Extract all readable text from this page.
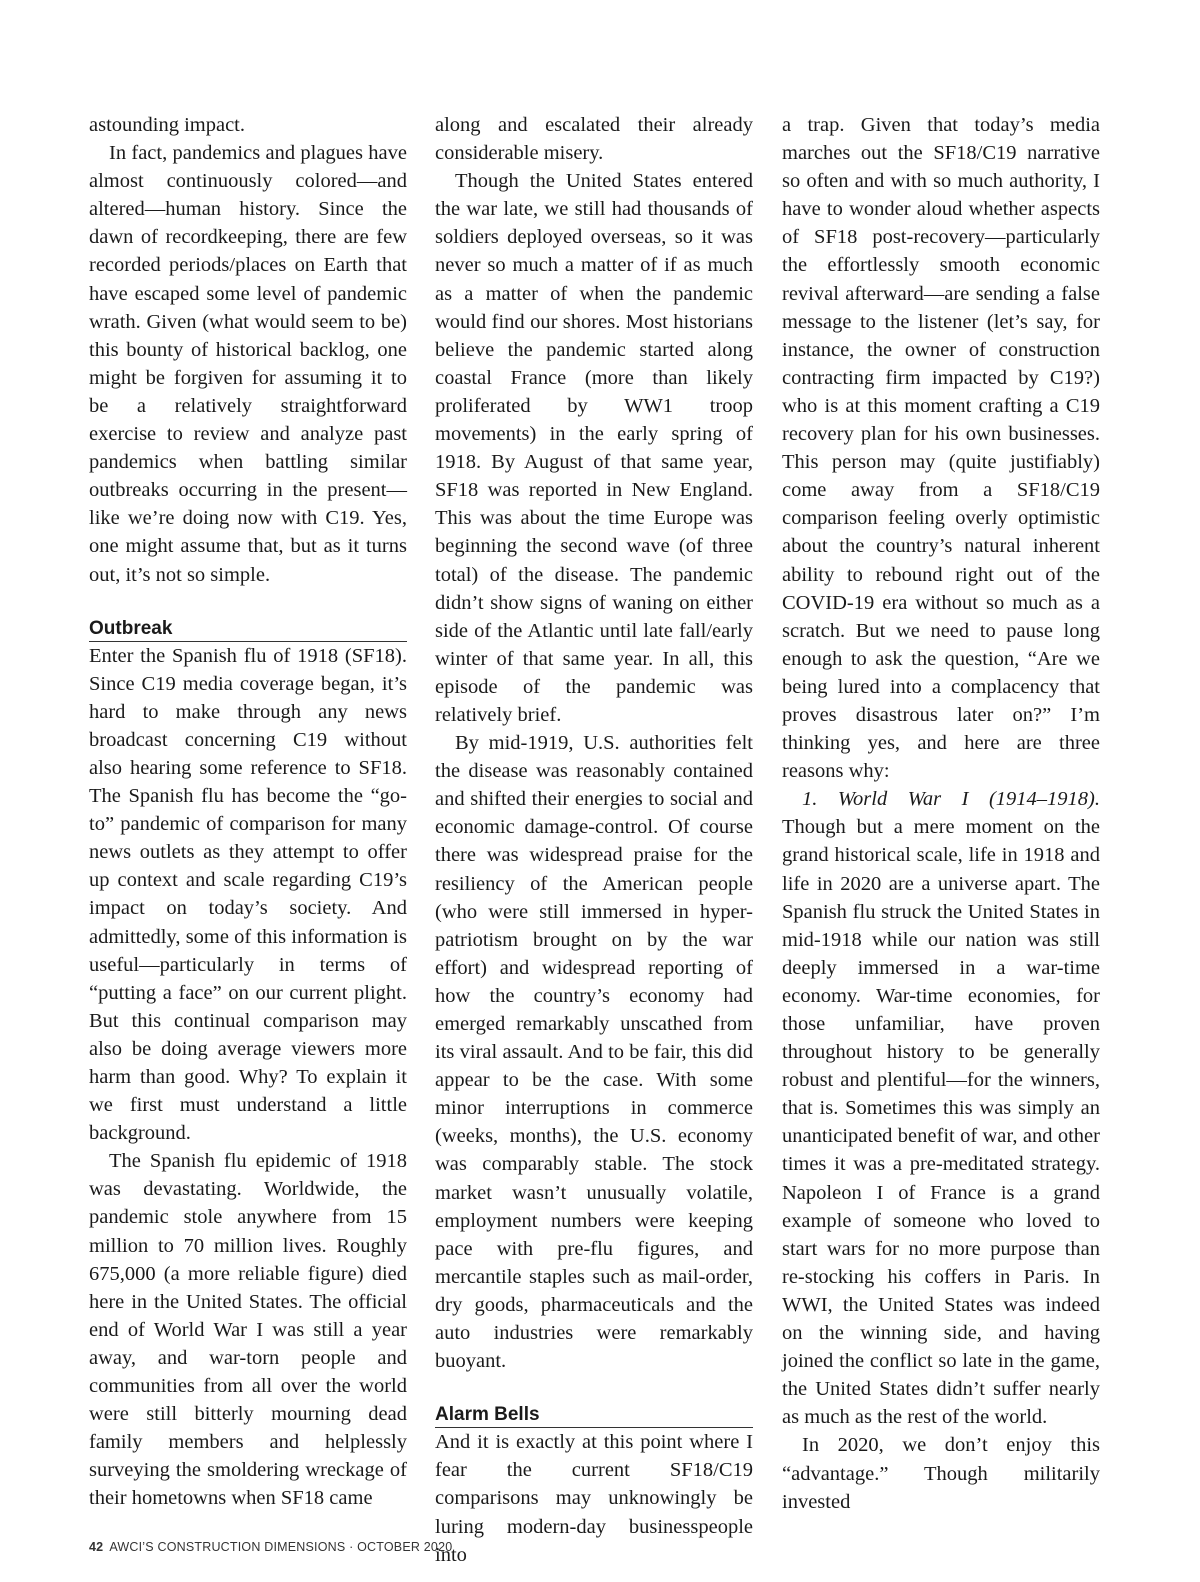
astounding impact.

In fact, pandemics and plagues have almost continuously colored—and altered—human history. Since the dawn of recordkeeping, there are few recorded periods/places on Earth that have escaped some level of pandemic wrath. Given (what would seem to be) this bounty of historical backlog, one might be forgiven for assuming it to be a relatively straightforward exercise to review and analyze past pandemics when battling similar outbreaks occurring in the present—like we’re doing now with C19. Yes, one might assume that, but as it turns out, it’s not so simple.

Outbreak

Enter the Spanish flu of 1918 (SF18). Since C19 media coverage began, it’s hard to make through any news broadcast concerning C19 without also hearing some reference to SF18. The Spanish flu has become the “go-to” pandemic of comparison for many news outlets as they attempt to offer up context and scale regarding C19’s impact on today’s society. And admittedly, some of this information is useful—particularly in terms of “putting a face” on our current plight. But this continual comparison may also be doing average viewers more harm than good. Why? To explain it we first must understand a little background.

The Spanish flu epidemic of 1918 was devastating. Worldwide, the pandemic stole anywhere from 15 million to 70 million lives. Roughly 675,000 (a more reliable figure) died here in the United States. The official end of World War I was still a year away, and war-torn people and communities from all over the world were still bitterly mourning dead family members and helplessly surveying the smoldering wreckage of their hometowns when SF18 came

along and escalated their already considerable misery.

Though the United States entered the war late, we still had thousands of soldiers deployed overseas, so it was never so much a matter of if as much as a matter of when the pandemic would find our shores. Most historians believe the pandemic started along coastal France (more than likely proliferated by WW1 troop movements) in the early spring of 1918. By August of that same year, SF18 was reported in New England. This was about the time Europe was beginning the second wave (of three total) of the disease. The pandemic didn’t show signs of waning on either side of the Atlantic until late fall/early winter of that same year. In all, this episode of the pandemic was relatively brief.

By mid-1919, U.S. authorities felt the disease was reasonably contained and shifted their energies to social and economic damage-control. Of course there was widespread praise for the resiliency of the American people (who were still immersed in hyper-patriotism brought on by the war effort) and widespread reporting of how the country’s economy had emerged remarkably unscathed from its viral assault. And to be fair, this did appear to be the case. With some minor interruptions in commerce (weeks, months), the U.S. economy was comparably stable. The stock market wasn’t unusually volatile, employment numbers were keeping pace with pre-flu figures, and mercantile staples such as mail-order, dry goods, pharmaceuticals and the auto industries were remarkably buoyant.

Alarm Bells

And it is exactly at this point where I fear the current SF18/C19 comparisons may unknowingly be luring modern-day businesspeople into

a trap. Given that today’s media marches out the SF18/C19 narrative so often and with so much authority, I have to wonder aloud whether aspects of SF18 post-recovery—particularly the effortlessly smooth economic revival afterward—are sending a false message to the listener (let’s say, for instance, the owner of construction contracting firm impacted by C19?) who is at this moment crafting a C19 recovery plan for his own businesses. This person may (quite justifiably) come away from a SF18/C19 comparison feeling overly optimistic about the country’s natural inherent ability to rebound right out of the COVID-19 era without so much as a scratch. But we need to pause long enough to ask the question, “Are we being lured into a complacency that proves disastrous later on?” I’m thinking yes, and here are three reasons why:

1. World War I (1914–1918). Though but a mere moment on the grand historical scale, life in 1918 and life in 2020 are a universe apart. The Spanish flu struck the United States in mid-1918 while our nation was still deeply immersed in a war-time economy. War-time economies, for those unfamiliar, have proven throughout history to be generally robust and plentiful—for the winners, that is. Sometimes this was simply an unanticipated benefit of war, and other times it was a pre-meditated strategy. Napoleon I of France is a grand example of someone who loved to start wars for no more purpose than re-stocking his coffers in Paris. In WWI, the United States was indeed on the winning side, and having joined the conflict so late in the game, the United States didn’t suffer nearly as much as the rest of the world.

In 2020, we don’t enjoy this “advantage.” Though militarily invested

42 AWCI’S CONSTRUCTION DIMENSIONS · OCTOBER 2020
